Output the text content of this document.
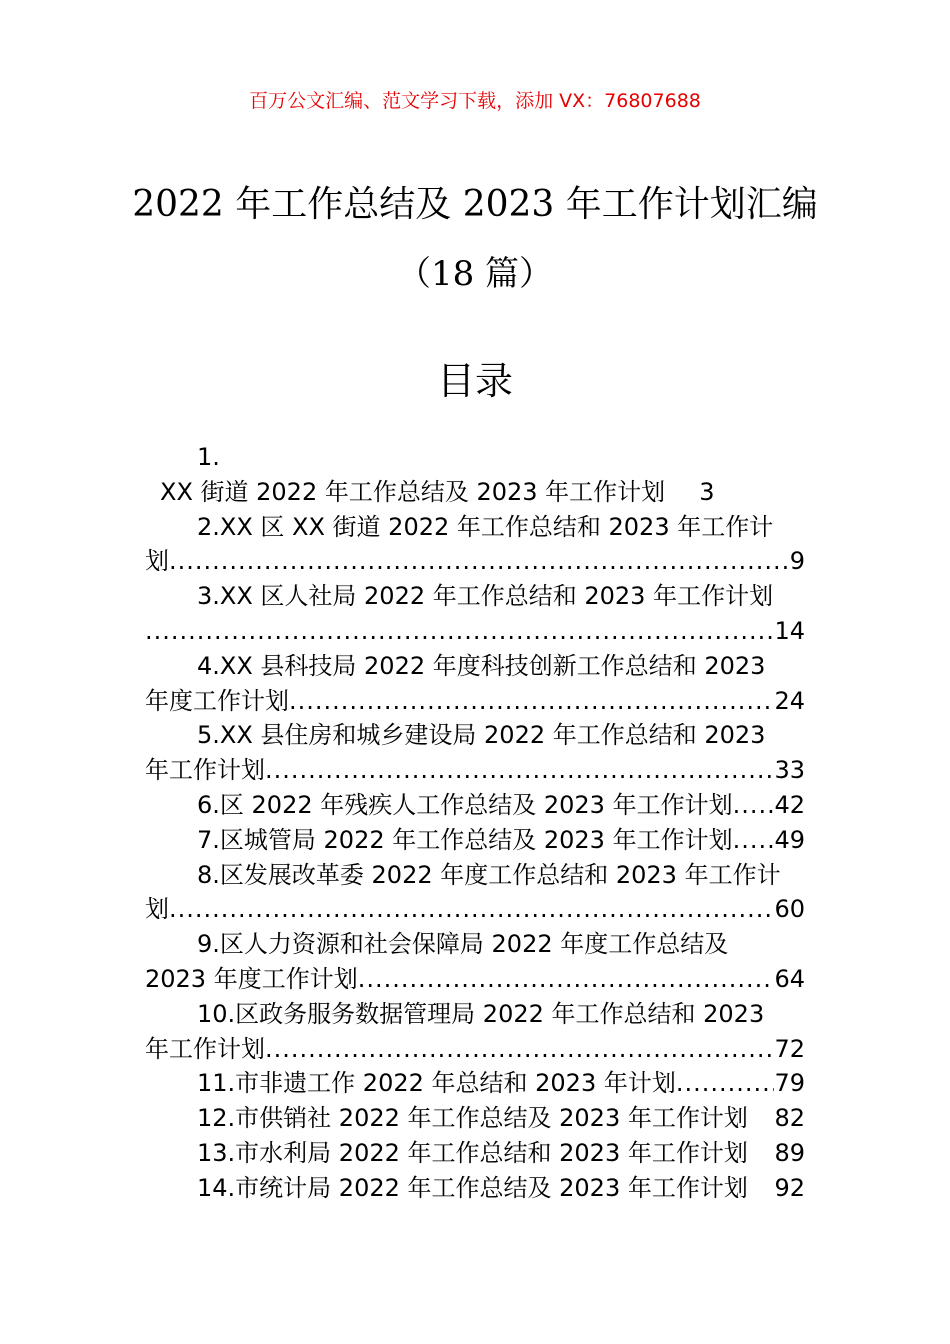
百万公文汇编、范文学习下载，添加 VX：76807688
2022 年工作总结及 2023 年工作计划汇编
（18 篇）
目录
1.
XX 街道 2022 年工作总结及 2023 年工作计划 3
2.XX 区 XX 街道 2022 年工作总结和 2023 年工作计
划 .....	9
3.XX 区人社局 2022 年工作总结和 2023 年工作计划
.....
14
4.XX 县科技局 2022 年度科技创新工作总结和 2023
年度工作计划 .....	24
5.XX 县住房和城乡建设局 2022 年工作总结和 2023
年工作计划 .....	33
6.区 2022 年残疾人工作总结及 2023 年工作计划 ..... 42
7.区城管局 2022 年工作总结及 2023 年工作计划 ..... 49
8.区发展改革委 2022 年度工作总结和 2023 年工作计
划 .....	60
9.区人力资源和社会保障局 2022 年度工作总结及
2023 年度工作计划 .....	64
10.区政务服务数据管理局 2022 年工作总结和 2023
年工作计划 .....	72
11.市非遗工作 2022 年总结和 2023 年计划 .....	79
12.市供销社 2022 年工作总结及 2023 年工作计划 82
13.市水利局 2022 年工作总结和 2023 年工作计划 89
14.市统计局 2022 年工作总结及 2023 年工作计划 92
